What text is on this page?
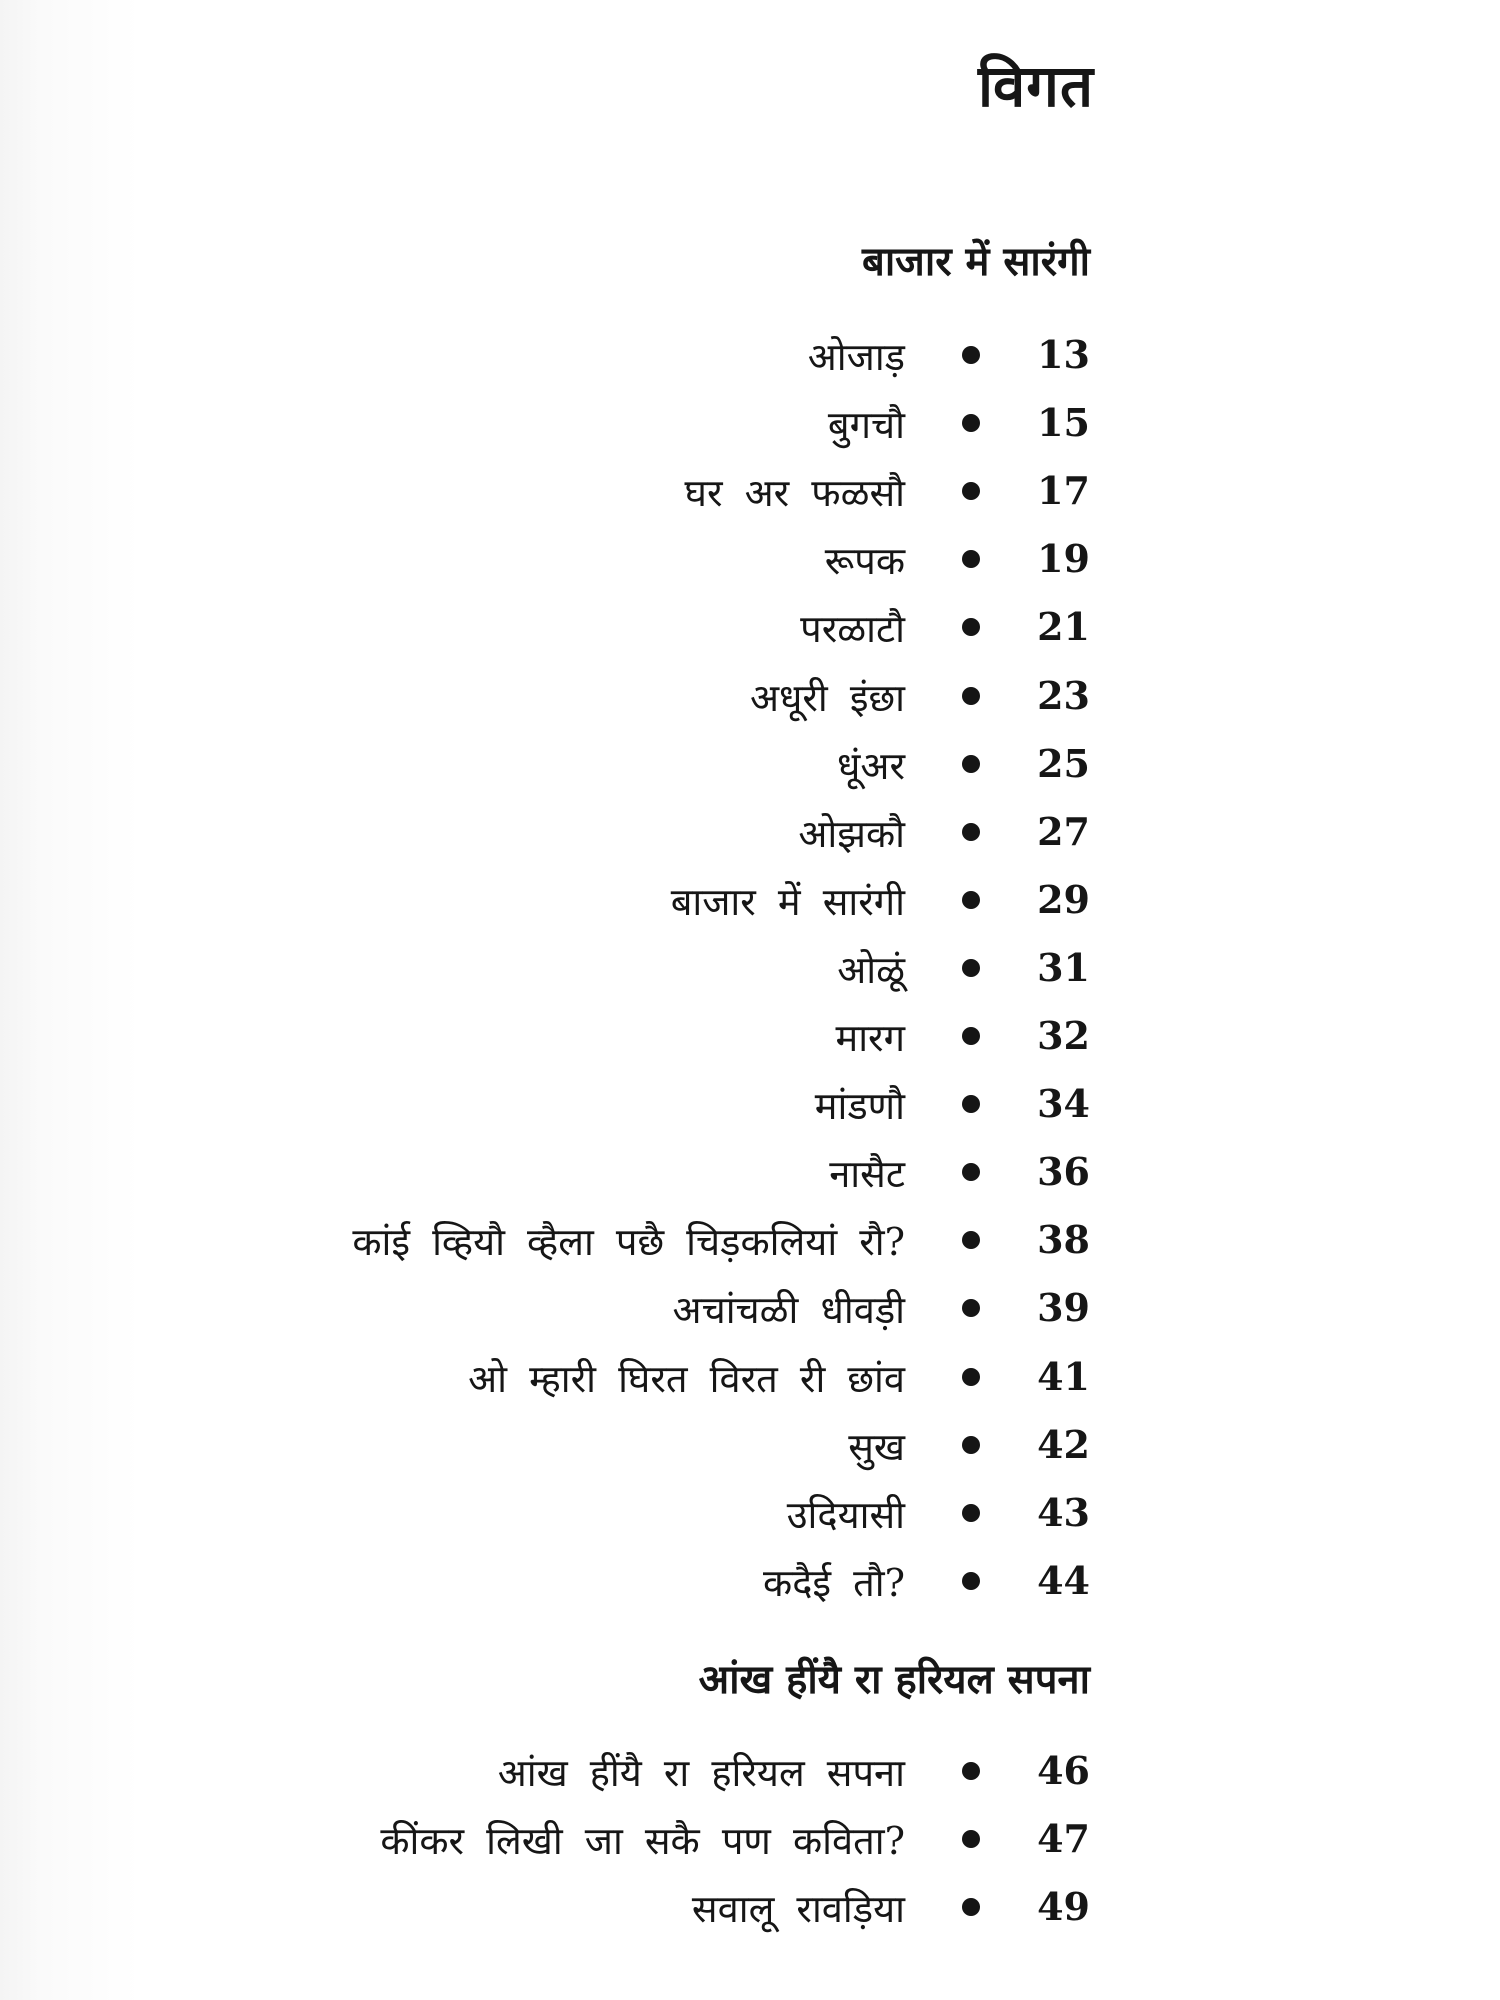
विगत
बाजार में सारंगी
ओजाड़	13
बुगचौ	15
घर अर फळसौ	17
रूपक	19
परळाटौ	21
अधूरी इंछा	23
धूंअर	25
ओझकौ	27
बाजार में सारंगी	29
ओळूं	31
मारग	32
मांडणौ	34
नासैट	36
कांई व्हियौ व्हैला पछै चिड़कलियां रौ?	38
अचांचळी धीवड़ी	39
ओ म्हारी घिरत विरत री छांव	41
सुख	42
उदियासी	43
कदैई तौ?	44
आंख हींयै रा हरियल सपना
आंख हींयै रा हरियल सपना	46
कींकर लिखी जा सकै पण कविता?	47
सवालू रावड़िया	49
